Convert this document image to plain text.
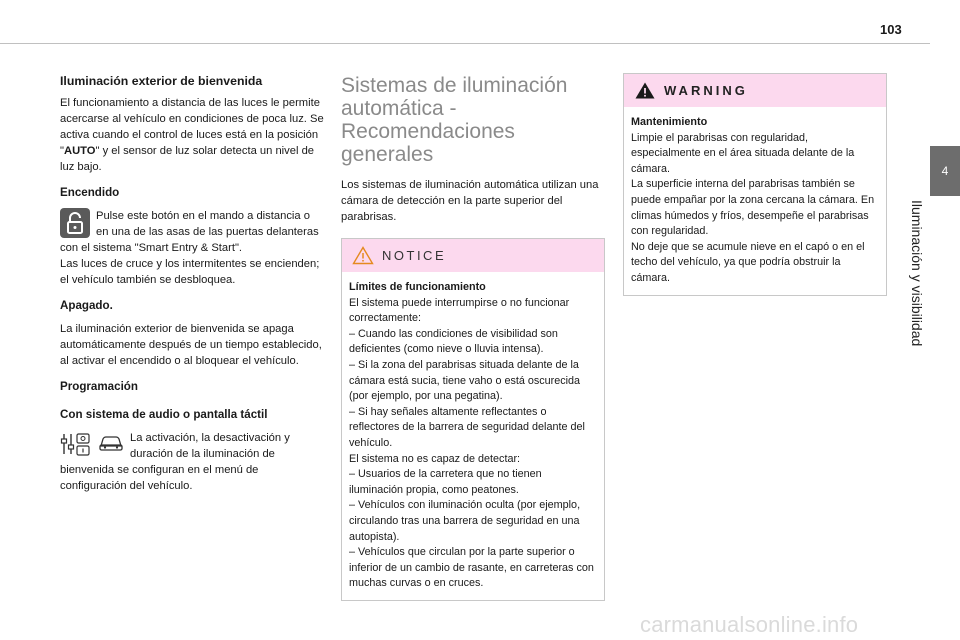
103
4
Iluminación y visibilidad
Iluminación exterior de bienvenida

El funcionamiento a distancia de las luces le permite acercarse al vehículo en condiciones de poca luz. Se activa cuando el control de luces está en la posición "AUTO" y el sensor de luz solar detecta un nivel de luz bajo.

Encendido

Pulse este botón en el mando a distancia o en una de las asas de las puertas delanteras con el sistema "Smart Entry & Start".

Las luces de cruce y los intermitentes se encienden; el vehículo también se desbloquea.

Apagado.

La iluminación exterior de bienvenida se apaga automáticamente después de un tiempo establecido, al activar el encendido o al bloquear el vehículo.

Programación
Con sistema de audio o pantalla táctil

La activación, la desactivación y duración de la iluminación de bienvenida se configuran en el menú de configuración del vehículo.

Sistemas de iluminación automática - Recomendaciones generales

Los sistemas de iluminación automática utilizan una cámara de detección en la parte superior del parabrisas.

NOTICE

Límites de funcionamiento

El sistema puede interrumpirse o no funcionar correctamente:

– Cuando las condiciones de visibilidad son deficientes (como nieve o lluvia intensa).
– Si la zona del parabrisas situada delante de la cámara está sucia, tiene vaho o está oscurecida (por ejemplo, por una pegatina).
– Si hay señales altamente reflectantes o reflectores de la barrera de seguridad delante del vehículo.

El sistema no es capaz de detectar:

– Usuarios de la carretera que no tienen iluminación propia, como peatones.
– Vehículos con iluminación oculta (por ejemplo, circulando tras una barrera de seguridad en una autopista).
– Vehículos que circulan por la parte superior o inferior de un cambio de rasante, en carreteras con muchas curvas o en cruces.
WARNING

Mantenimiento

Limpie el parabrisas con regularidad, especialmente en el área situada delante de la cámara.

La superficie interna del parabrisas también se puede empañar por la zona cercana la cámara. En climas húmedos y fríos, desempeñe el parabrisas con regularidad.

No deje que se acumule nieve en el capó o en el techo del vehículo, ya que podría obstruir la cámara.

carmanualsonline.info
